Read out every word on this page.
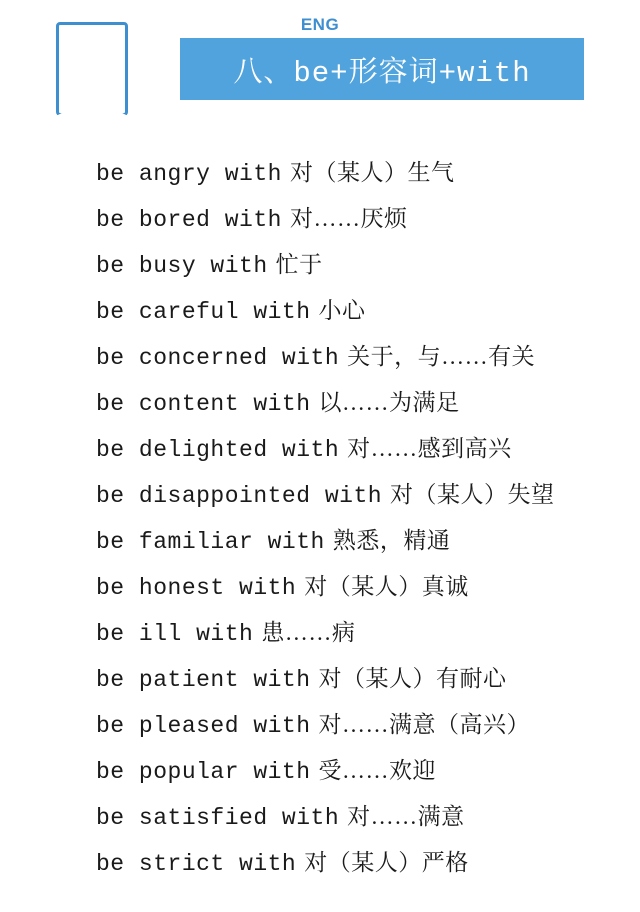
ENG
八、be+形容词+with
be angry with 对（某人）生气
be bored with 对……厌烦
be busy with 忙于
be careful with 小心
be concerned with 关于，与……有关
be content with 以……为满足
be delighted with 对……感到高兴
be disappointed with 对（某人）失望
be familiar with 熟悉，精通
be honest with 对（某人）真诚
be ill with 患……病
be patient with 对（某人）有耐心
be pleased with 对……满意（高兴）
be popular with 受……欢迎
be satisfied with 对……满意
be strict with 对（某人）严格
